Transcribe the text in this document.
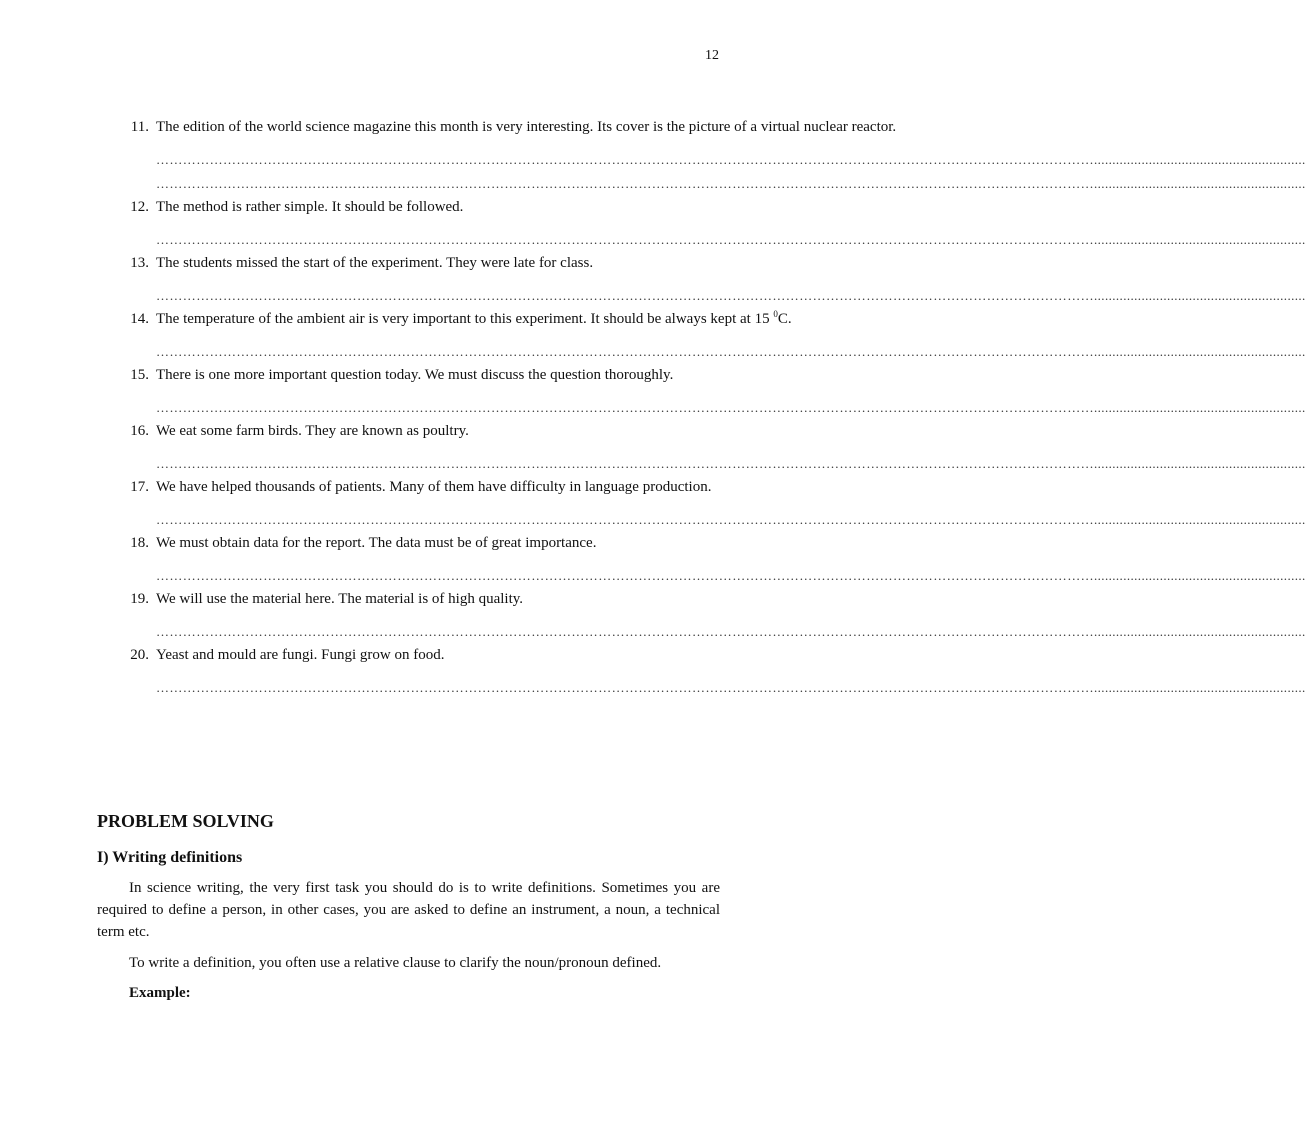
12
11. The edition of the world science magazine this month is very interesting. Its cover is the picture of a virtual nuclear reactor.
…………………………………………………………………………………………………………………………………………………………………………………………..........................................................
…………………………………………………………………………………………………………………………………………………………………………………………..........................................................
12. The method is rather simple. It should be followed.
…………………………………………………………………………………………………………………………………………………………………………………………..........................................................
13. The students missed the start of the experiment. They were late for class.
…………………………………………………………………………………………………………………………………………………………………………………………..........................................................
14. The temperature of the ambient air is very important to this experiment. It should be always kept at 15 $^0$C.
…………………………………………………………………………………………………………………………………………………………………………………………..........................................................
15. There is one more important question today. We must discuss the question thoroughly.
…………………………………………………………………………………………………………………………………………………………………………………………..........................................................
16. We eat some farm birds. They are known as poultry.
…………………………………………………………………………………………………………………………………………………………………………………………..........................................................
17. We have helped thousands of patients. Many of them have difficulty in language production.
…………………………………………………………………………………………………………………………………………………………………………………………..........................................................
18. We must obtain data for the report. The data must be of great importance.
…………………………………………………………………………………………………………………………………………………………………………………………..........................................................
19. We will use the material here. The material is of high quality.
…………………………………………………………………………………………………………………………………………………………………………………………..........................................................
20. Yeast and mould are fungi. Fungi grow on food.
…………………………………………………………………………………………………………………………………………………………………………………………..........................................................
PROBLEM SOLVING
I) Writing definitions

In science writing, the very first task you should do is to write definitions. Sometimes you are required to define a person, in other cases, you are asked to define an instrument, a noun, a technical term etc.

To write a definition, you often use a relative clause to clarify the noun/pronoun defined.

Example:
